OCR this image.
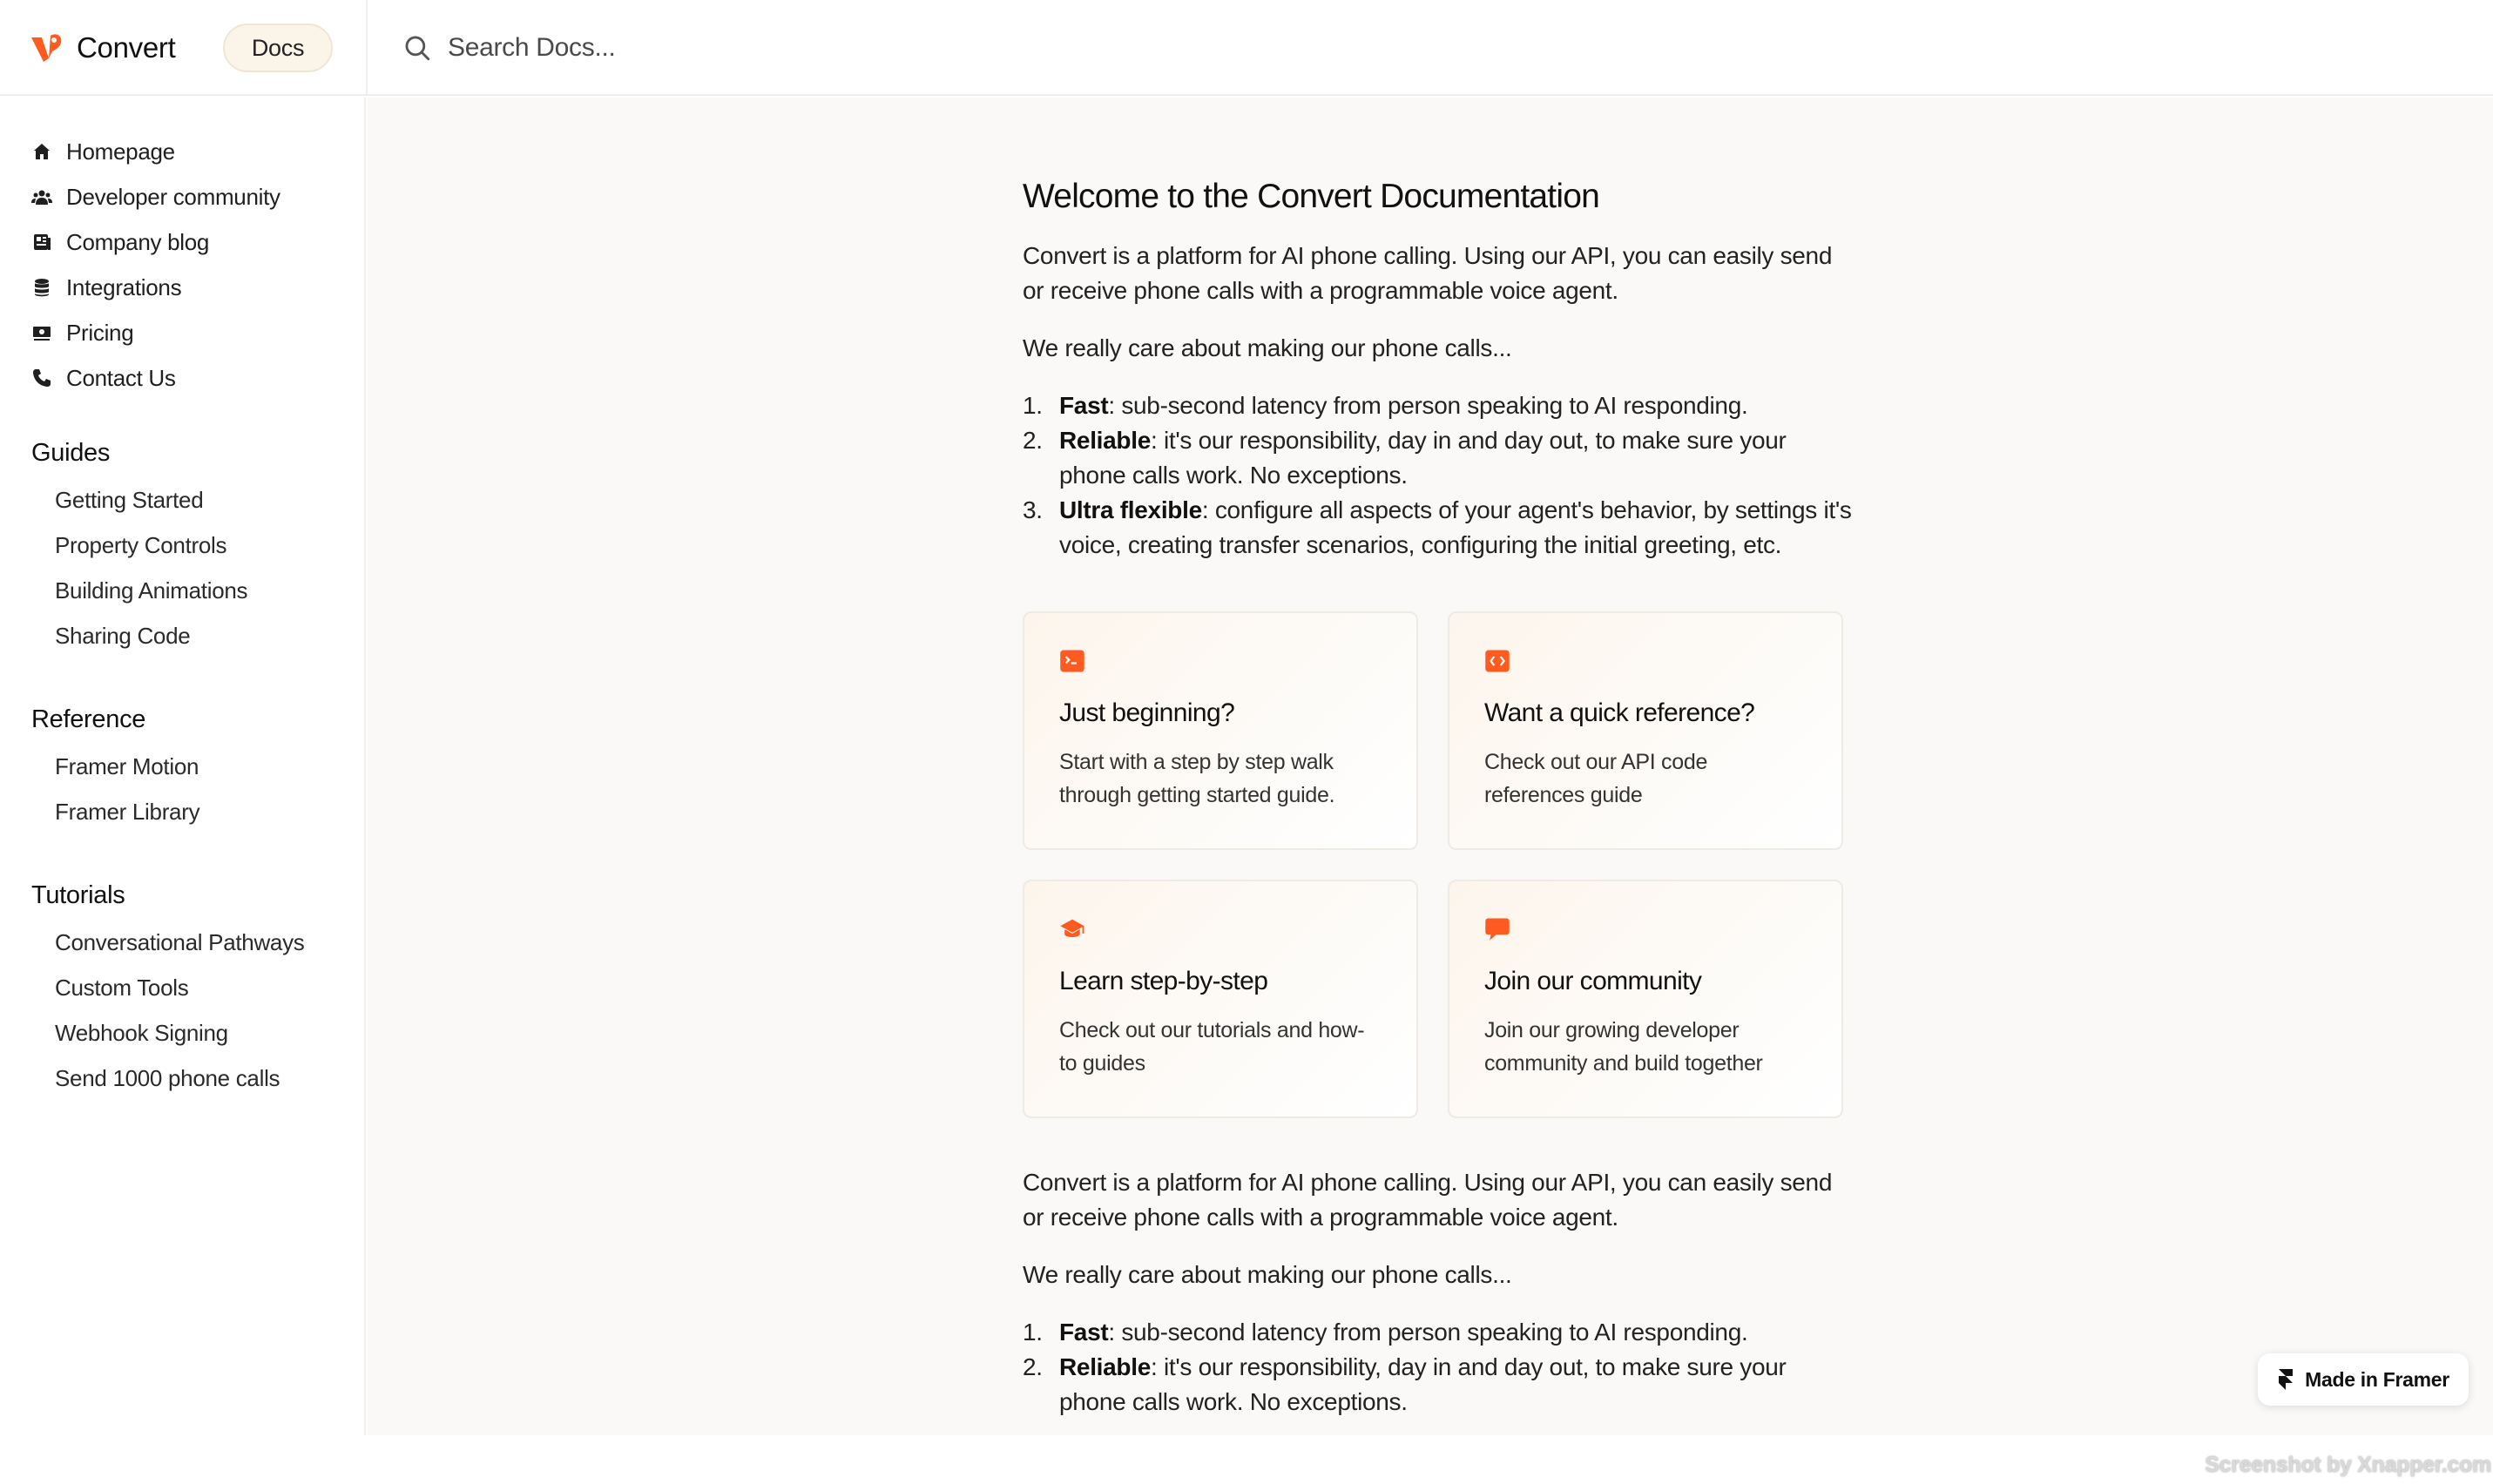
Convert	Docs
Search Docs...
Homepage
Developer community
Company blog
Integrations
Pricing
Contact Us
Guides
Getting Started
Property Controls
Building Animations
Sharing Code
Reference
Framer Motion
Framer Library
Tutorials
Conversational Pathways
Custom Tools
Webhook Signing
Send 1000 phone calls
Welcome to the Convert Documentation

Convert is a platform for AI phone calling. Using our API, you can easily send or receive phone calls with a programmable voice agent.

We really care about making our phone calls...

1. Fast: sub-second latency from person speaking to AI responding.
2. Reliable: it's our responsibility, day in and day out, to make sure your phone calls work. No exceptions.
3. Ultra flexible: configure all aspects of your agent's behavior, by settings it's voice, creating transfer scenarios, configuring the initial greeting, etc.
Just beginning?
Start with a step by step walk through getting started guide.
Want a quick reference?
Check out our API code references guide
Learn step-by-step
Check out our tutorials and how-to guides
Join our community
Join our growing developer community and build together

Convert is a platform for AI phone calling. Using our API, you can easily send or receive phone calls with a programmable voice agent.

We really care about making our phone calls...

1. Fast: sub-second latency from person speaking to AI responding.
2. Reliable: it's our responsibility, day in and day out, to make sure your phone calls work. No exceptions.
Made in Framer
Screenshot by Xnapper.com
